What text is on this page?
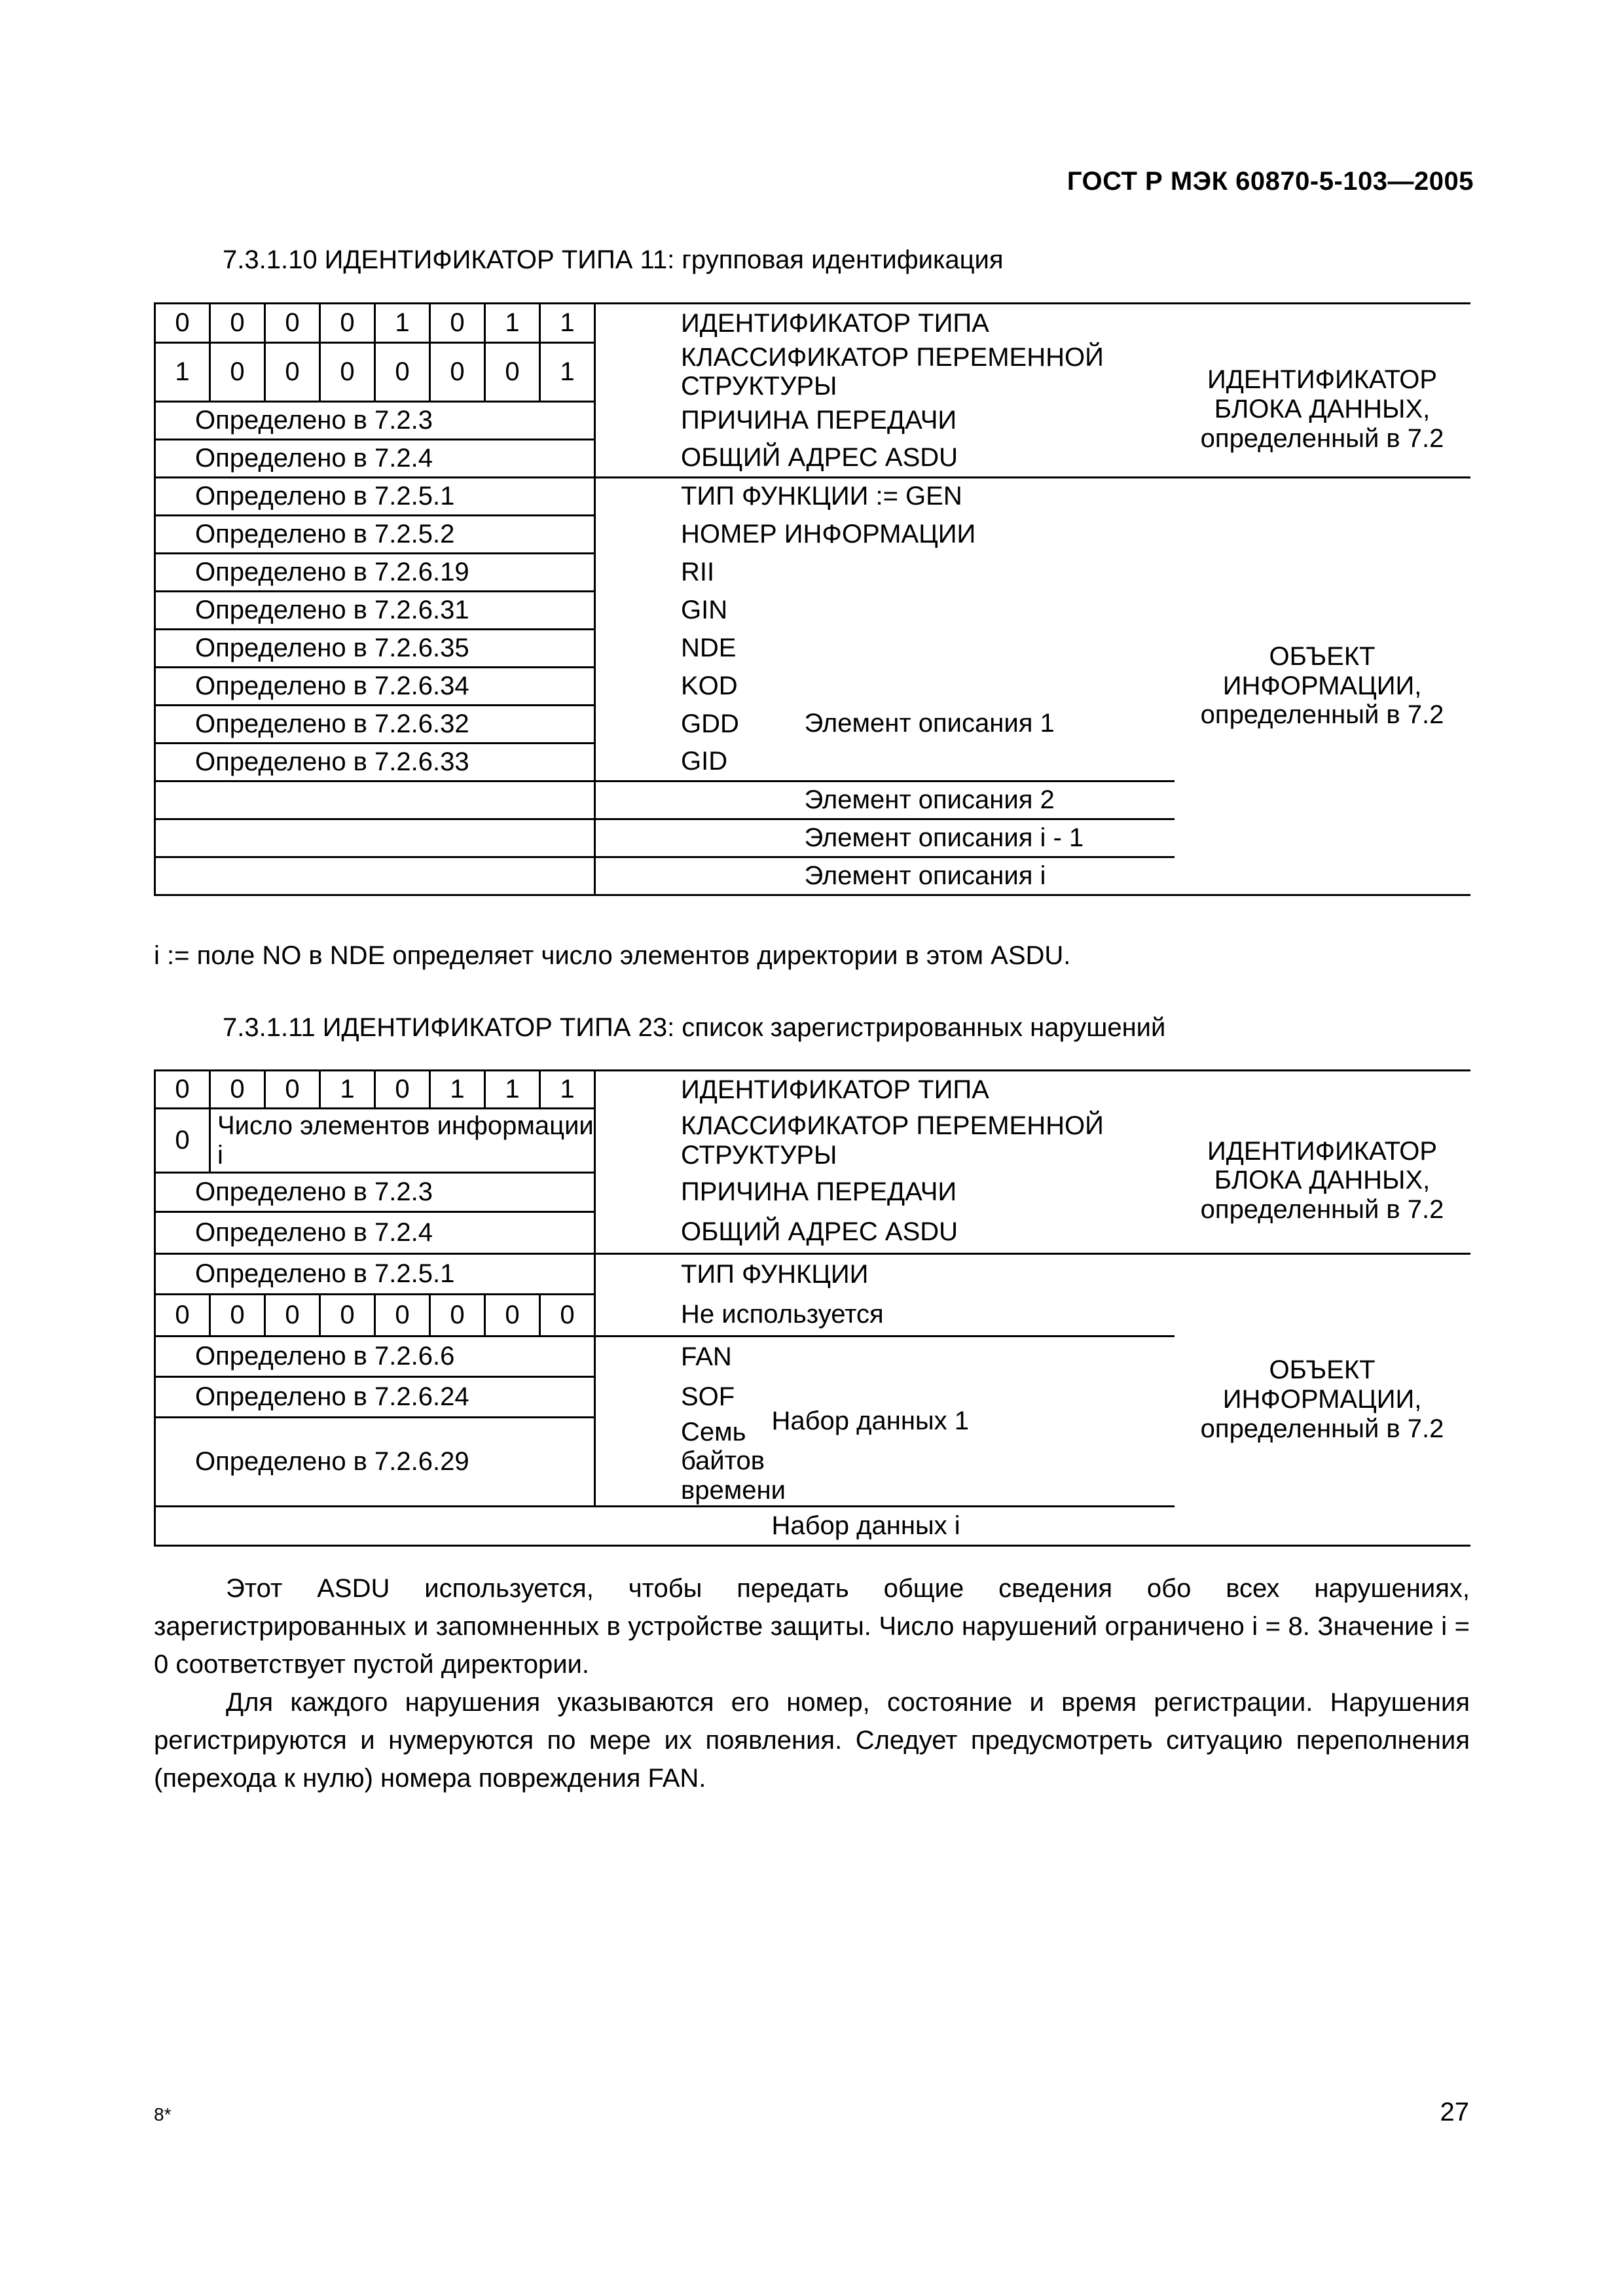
ГОСТ Р МЭК 60870-5-103—2005
7.3.1.10 ИДЕНТИФИКАТОР ТИПА 11: групповая идентификация
0	0	0	0	1	0	1	1	ИДЕНТИФИКАТОР ТИПА		
1	0	0	0	0	0	0	1	КЛАССИФИКАТОР ПЕРЕМЕННОЙ СТРУКТУРЫ		ИДЕНТИФИКАТОР БЛОКА ДАННЫХ, определенный в 7.2
Определено в 7.2.3								ПРИЧИНА ПЕРЕДАЧИ		
Определено в 7.2.4								ОБЩИЙ АДРЕС ASDU		
Определено в 7.2.5.1								ТИП ФУНКЦИИ := GEN		ОБЪЕКТ ИНФОРМАЦИИ, определенный в 7.2
Определено в 7.2.5.2								НОМЕР ИНФОРМАЦИИ		
Определено в 7.2.6.19								RII		
Определено в 7.2.6.31								GIN		
Определено в 7.2.6.35								NDE		
Определено в 7.2.6.34								KOD	Элемент описания 1	
Определено в 7.2.6.32								GDD		
Определено в 7.2.6.33								GID		
									Элемент описания 2	
									Элемент описания i - 1	
									Элемент описания i	
i := поле NO в NDE определяет число элементов директории в этом ASDU.
7.3.1.11 ИДЕНТИФИКАТОР ТИПА 23: список зарегистрированных нарушений
0	0	0	1	0	1	1	1	ИДЕНТИФИКАТОР ТИПА		
0	Число элементов информации i							КЛАССИФИКАТОР ПЕРЕМЕННОЙ СТРУКТУРЫ		ИДЕНТИФИКАТОР БЛОКА ДАННЫХ, определенный в 7.2
Определено в 7.2.3								ПРИЧИНА ПЕРЕДАЧИ		
Определено в 7.2.4								ОБЩИЙ АДРЕС ASDU		
Определено в 7.2.5.1								ТИП ФУНКЦИИ		ОБЪЕКТ ИНФОРМАЦИИ, определенный в 7.2
0	0	0	0	0	0	0	0	Не используется		
Определено в 7.2.6.6								FAN	Набор данных 1	
Определено в 7.2.6.24								SOF		
Определено в 7.2.6.29								Семь байтов времени		
									Набор данных i	

Этот ASDU используется, чтобы передать общие сведения обо всех нарушениях, зарегистрированных и запомненных в устройстве защиты. Число нарушений ограничено i = 8. Значение i = 0 соответствует пустой директории.

Для каждого нарушения указываются его номер, состояние и время регистрации. Нарушения регистрируются и нумеруются по мере их появления. Следует предусмотреть ситуацию переполнения (перехода к нулю) номера повреждения FAN.

8*	27
